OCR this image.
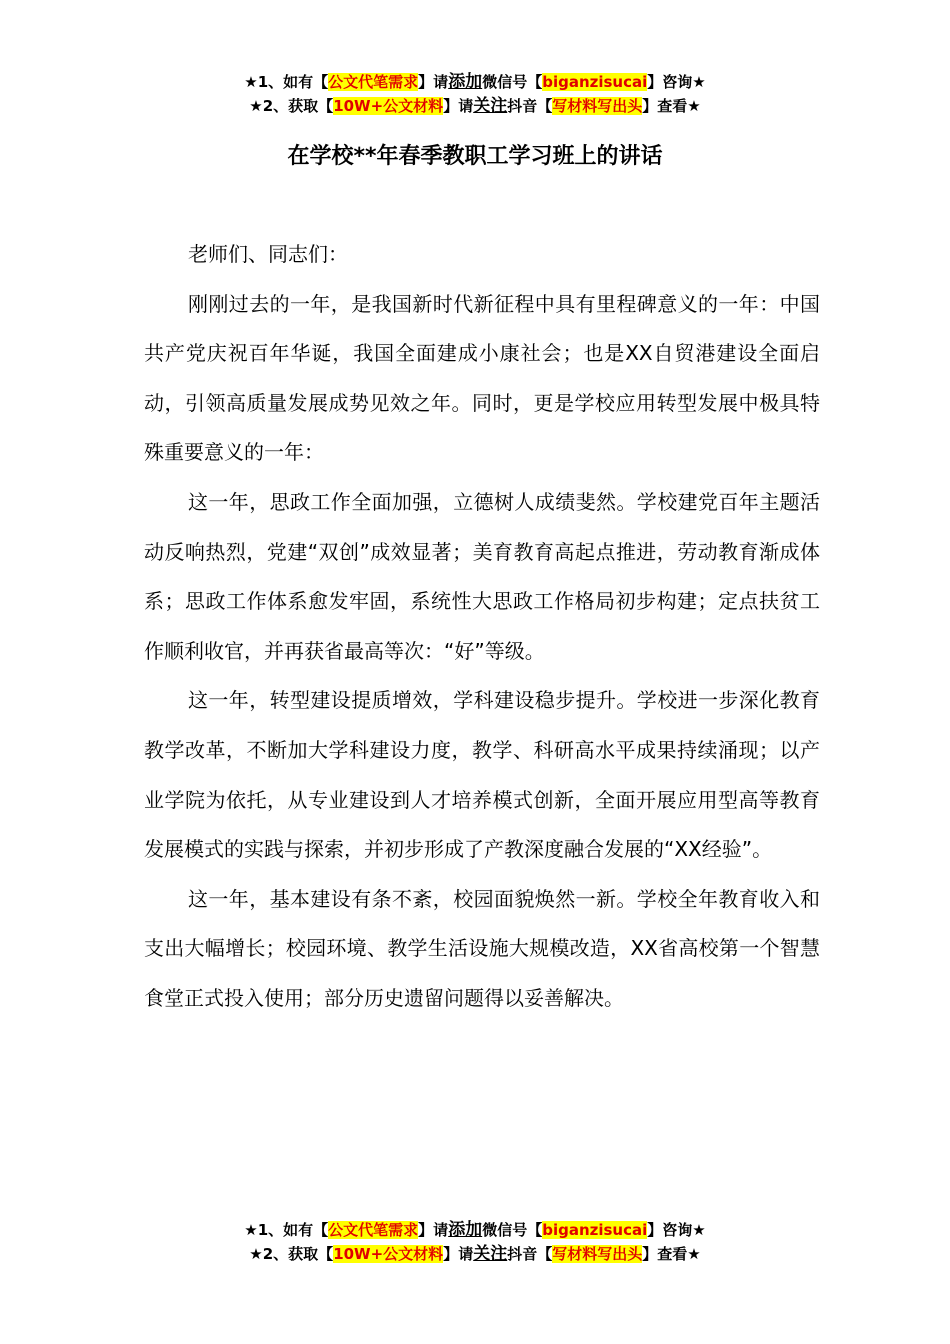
★1、如有【公文代笔需求】请添加微信号【biganzisucai】咨询★
★2、获取【10W+公文材料】请关注抖音【写材料写出头】查看★
在学校**年春季教职工学习班上的讲话

老师们、同志们：

刚刚过去的一年，是我国新时代新征程中具有里程碑意义的一年：中国共产党庆祝百年华诞，我国全面建成小康社会；也是XX自贸港建设全面启动，引领高质量发展成势见效之年。同时，更是学校应用转型发展中极具特殊重要意义的一年：

这一年，思政工作全面加强，立德树人成绩斐然。学校建党百年主题活动反响热烈，党建“双创”成效显著；美育教育高起点推进，劳动教育渐成体系；思政工作体系愈发牢固，系统性大思政工作格局初步构建；定点扶贫工作顺利收官，并再获省最高等次：“好”等级。

这一年，转型建设提质增效，学科建设稳步提升。学校进一步深化教育教学改革，不断加大学科建设力度，教学、科研高水平成果持续涌现；以产业学院为依托，从专业建设到人才培养模式创新，全面开展应用型高等教育发展模式的实践与探索，并初步形成了产教深度融合发展的“XX经验”。

这一年，基本建设有条不紊，校园面貌焕然一新。学校全年教育收入和支出大幅增长；校园环境、教学生活设施大规模改造，XX省高校第一个智慧食堂正式投入使用；部分历史遗留问题得以妥善解决。

★1、如有【公文代笔需求】请添加微信号【biganzisucai】咨询★
★2、获取【10W+公文材料】请关注抖音【写材料写出头】查看★
